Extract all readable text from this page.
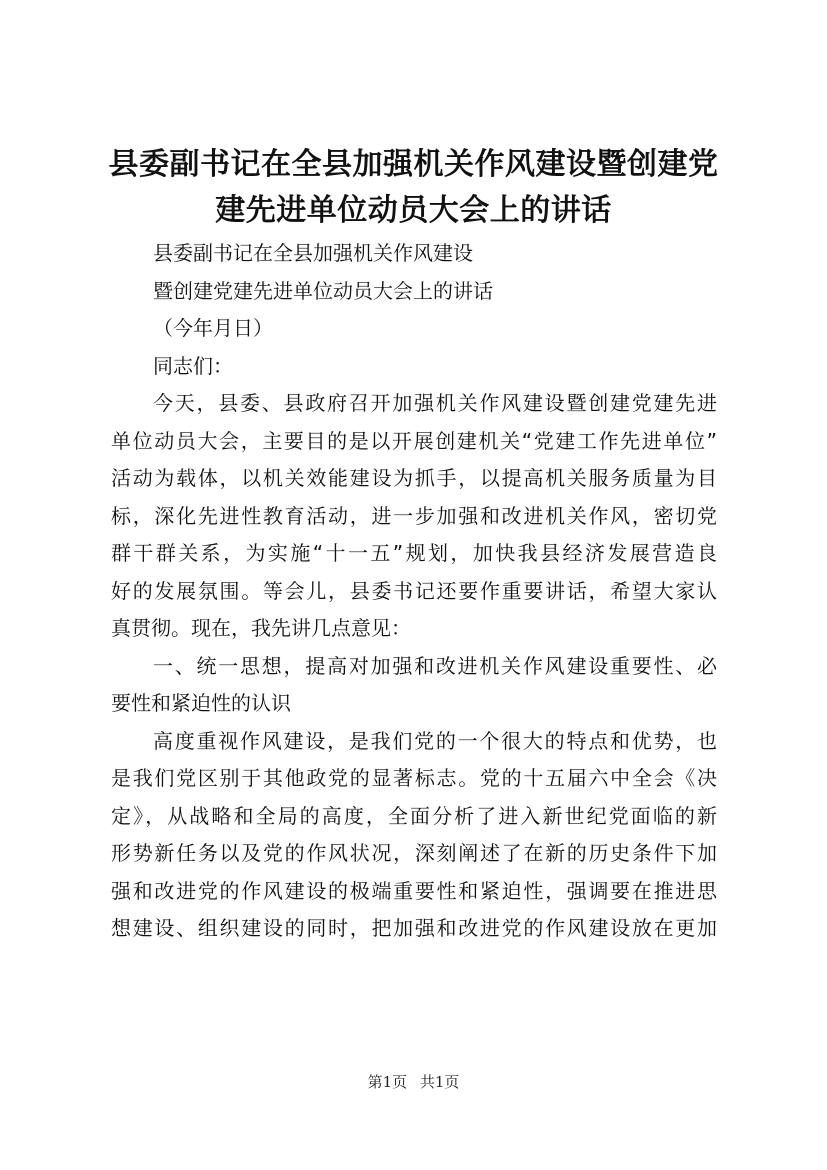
县委副书记在全县加强机关作风建设暨创建党
建先进单位动员大会上的讲话
县委副书记在全县加强机关作风建设
暨创建党建先进单位动员大会上的讲话
（今年月日）
同志们：
今天，县委、县政府召开加强机关作风建设暨创建党建先进
单位动员大会，主要目的是以开展创建机关“党建工作先进单位”
活动为载体，以机关效能建设为抓手，以提高机关服务质量为目
标，深化先进性教育活动，进一步加强和改进机关作风，密切党
群干群关系，为实施“十一五”规划，加快我县经济发展营造良
好的发展氛围。等会儿，县委书记还要作重要讲话，希望大家认
真贯彻。现在，我先讲几点意见：
一、统一思想，提高对加强和改进机关作风建设重要性、必
要性和紧迫性的认识
高度重视作风建设，是我们党的一个很大的特点和优势，也
是我们党区别于其他政党的显著标志。党的十五届六中全会《决
定》，从战略和全局的高度，全面分析了进入新世纪党面临的新
形势新任务以及党的作风状况，深刻阐述了在新的历史条件下加
强和改进党的作风建设的极端重要性和紧迫性，强调要在推进思
想建设、组织建设的同时，把加强和改进党的作风建设放在更加
第1页 共1页
